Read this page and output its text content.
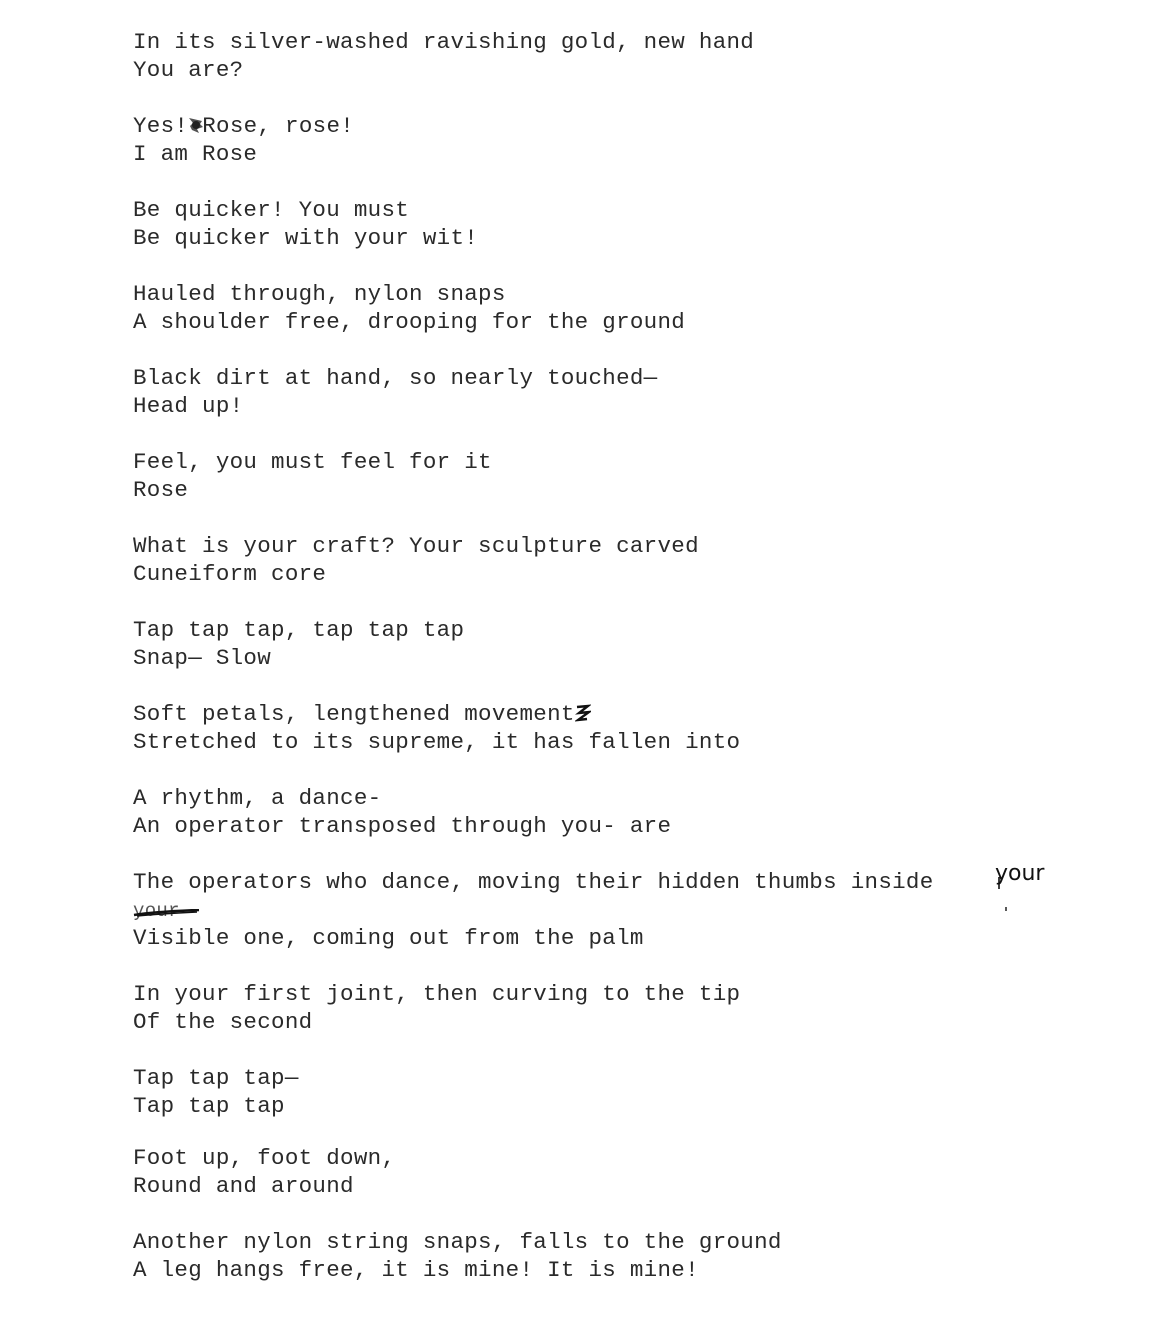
In its silver-washed ravishing gold, new hand
You are?
Yes! Rose, rose!
I am Rose
Be quicker! You must
Be quicker with your wit!
Hauled through, nylon snaps
A shoulder free, drooping for the ground
Black dirt at hand, so nearly touched—
Head up!
Feel, you must feel for it
Rose
What is your craft? Your sculpture carved
Cuneiform core
Tap tap tap, tap tap tap
Snap— Slow
Soft petals, lengthened movement
Stretched to its supreme, it has fallen into
A rhythm, a dance-
An operator transposed through you- are
The operators who dance, moving their hidden thumbs inside
your
Visible one, coming out from the palm
In your first joint, then curving to the tip
Of the second
Tap tap tap—
Tap tap tap
Foot up, foot down,
Round and around
Another nylon string snaps, falls to the ground
A leg hangs free, it is mine! It is mine!
your
